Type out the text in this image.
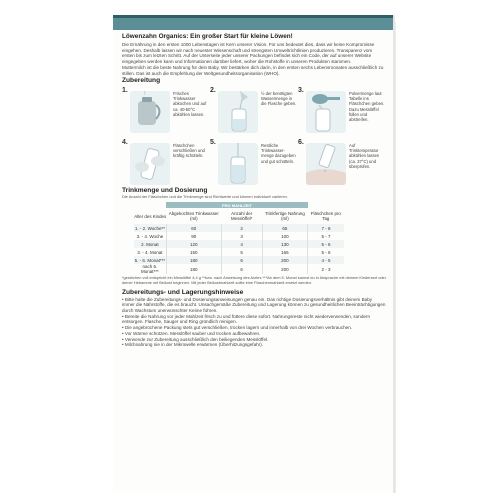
Löwenzahn Organics: Ein großer Start für kleine Löwen!

Die Ernährung in den ersten 1000 Lebenstagen ist Kern unserer Vision. Für uns bedeutet dies, dass wir keine Kompromisse eingehen. Deshalb lassen wir nach neuester Wissenschaft und strengsten Umweltrichtlinien produzieren. Transparenz vom ersten bis zum letzten Schritt. Auf der Unterseite jeder unserer Packungen befindet sich ein Code, der auf unserer Website eingegeben werden kann und Informationen darüber liefert, woher die Rohstoffe in unseren Produkten stammen.

Muttermilch ist die beste Nahrung für dein Baby. Wir bestärken dich darin, in den ersten sechs Lebensmonaten ausschließlich zu stillen. Das ist auch die Empfehlung der Weltgesundheitsorganisation (WHO).

Zubereitung

1.	Frisches Trinkwasser abkochen und auf ca. 40-50°C abkühlen lassen.
2.	½ der benötigten Wassermenge in die Flasche geben.
3.	Pulvermenge laut Tabelle ins Fläschchen geben. Dazu Messlöffel füllen und abstreifen.
4.	Fläschchen verschließen und kräftig schütteln.
5.	Restliche Trinkwasser-menge dazugeben und gut schütteln.
6.	Auf Trinktemperatur abkühlen lassen (ca. 37°C) und überprüfen.

Trinkmenge und Dosierung

Die Anzahl der Fläschchen und die Trinkmenge sind Richtwerte und können individuell variieren.

	PRO MAHLZEIT			
Alter des Kindes	Abgekochtes Trinkwasser (ml)	Anzahl der Messlöffel*	Trinkfertige Nahrung (ml)	Fläschchen pro Tag
1. - 2. Woche**	60	2	65	7 - 8
3. - 4. Woche	90	3	100	5 - 7
2. Monat	120	4	130	5 - 6
3. - 4. Monat	150	5	165	5 - 6
5. - 6. Monat***	180	6	200	4 - 5
nach 6. Monat***	180	6	200	2 - 3

*gestrichen voll entspricht ein Messlöffel 4,4 g **bzw. nach Anweisung des Arztes ***Ab dem 5. Monat kannst du in Absprache mit deinem Kinderarzt oder deiner Hebamme mit Beikost beginnen. Mit jeder Beikostmahlzeit sollte eine Flaschenmahlzeit ersetzt werden.

Zubereitungs- und Lagerungshinweise

• Bitte halte die Zubereitungs- und Dosierungsanweisungen genau ein. Das richtige Dosierungsverhältnis gibt deinem Baby immer die Nährstoffe, die es braucht. Unsachgemäße Zubereitung und Lagerung können zu gesundheitlichen Beeinträchtigungen durch Wachstum unerwünschter Keime führen.
• Bereite die Nahrung vor jeder Mahlzeit frisch zu und füttere diese sofort. Nahrungsreste nicht wiederverwenden, sondern entsorgen. Flasche, Sauger und Ring gründlich reinigen.
• Die angebrochene Packung stets gut verschließen, trocken lagern und innerhalb von drei Wochen verbrauchen.
• Vor Wärme schützen. Messlöffel sauber und trocken aufbewahren.
• Verwende zur Zubereitung ausschließlich den beiliegenden Messlöffel.
• Milchnahrung nie in der Mikrowelle erwärmen (Überhitzungsgefahr).
